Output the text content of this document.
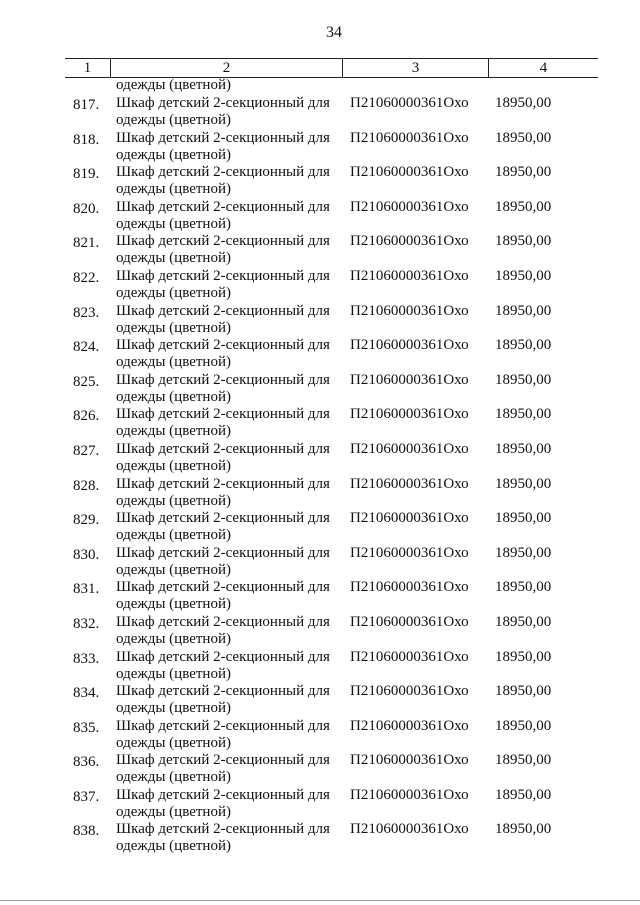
34
1	2	3	4
одежды (цветной)
817. Шкаф детский 2-секционный для
одежды (цветной)
П21060000361Охо 18950,00
818. Шкаф детский 2-секционный для
одежды (цветной)
П21060000361Охо 18950,00
819. Шкаф детский 2-секционный для
одежды (цветной)
П21060000361Охо 18950,00
820. Шкаф детский 2-секционный для
одежды (цветной)
П21060000361Охо 18950,00
821. Шкаф детский 2-секционный для
одежды (цветной)
П21060000361Охо 18950,00
822. Шкаф детский 2-секционный для
одежды (цветной)
П21060000361Охо 18950,00
823. Шкаф детский 2-секционный для
одежды (цветной)
П21060000361Охо 18950,00
824. Шкаф детский 2-секционный для
одежды (цветной)
П21060000361Охо 18950,00
825. Шкаф детский 2-секционный для
одежды (цветной)
П21060000361Охо 18950,00
826. Шкаф детский 2-секционный для
одежды (цветной)
П21060000361Охо 18950,00
827. Шкаф детский 2-секционный для
одежды (цветной)
П21060000361Охо 18950,00
828. Шкаф детский 2-секционный для
одежды (цветной)
П21060000361Охо 18950,00
829. Шкаф детский 2-секционный для
одежды (цветной)
П21060000361Охо 18950,00
830. Шкаф детский 2-секционный для
одежды (цветной)
П21060000361Охо 18950,00
831. Шкаф детский 2-секционный для
одежды (цветной)
П21060000361Охо 18950,00
832. Шкаф детский 2-секционный для
одежды (цветной)
П21060000361Охо 18950,00
833. Шкаф детский 2-секционный для
одежды (цветной)
П21060000361Охо 18950,00
834. Шкаф детский 2-секционный для
одежды (цветной)
П21060000361Охо 18950,00
835. Шкаф детский 2-секционный для
одежды (цветной)
П21060000361Охо 18950,00
836. Шкаф детский 2-секционный для
одежды (цветной)
П21060000361Охо 18950,00
837. Шкаф детский 2-секционный для
одежды (цветной)
П21060000361Охо 18950,00
838. Шкаф детский 2-секционный для
одежды (цветной)
П21060000361Охо 18950,00
